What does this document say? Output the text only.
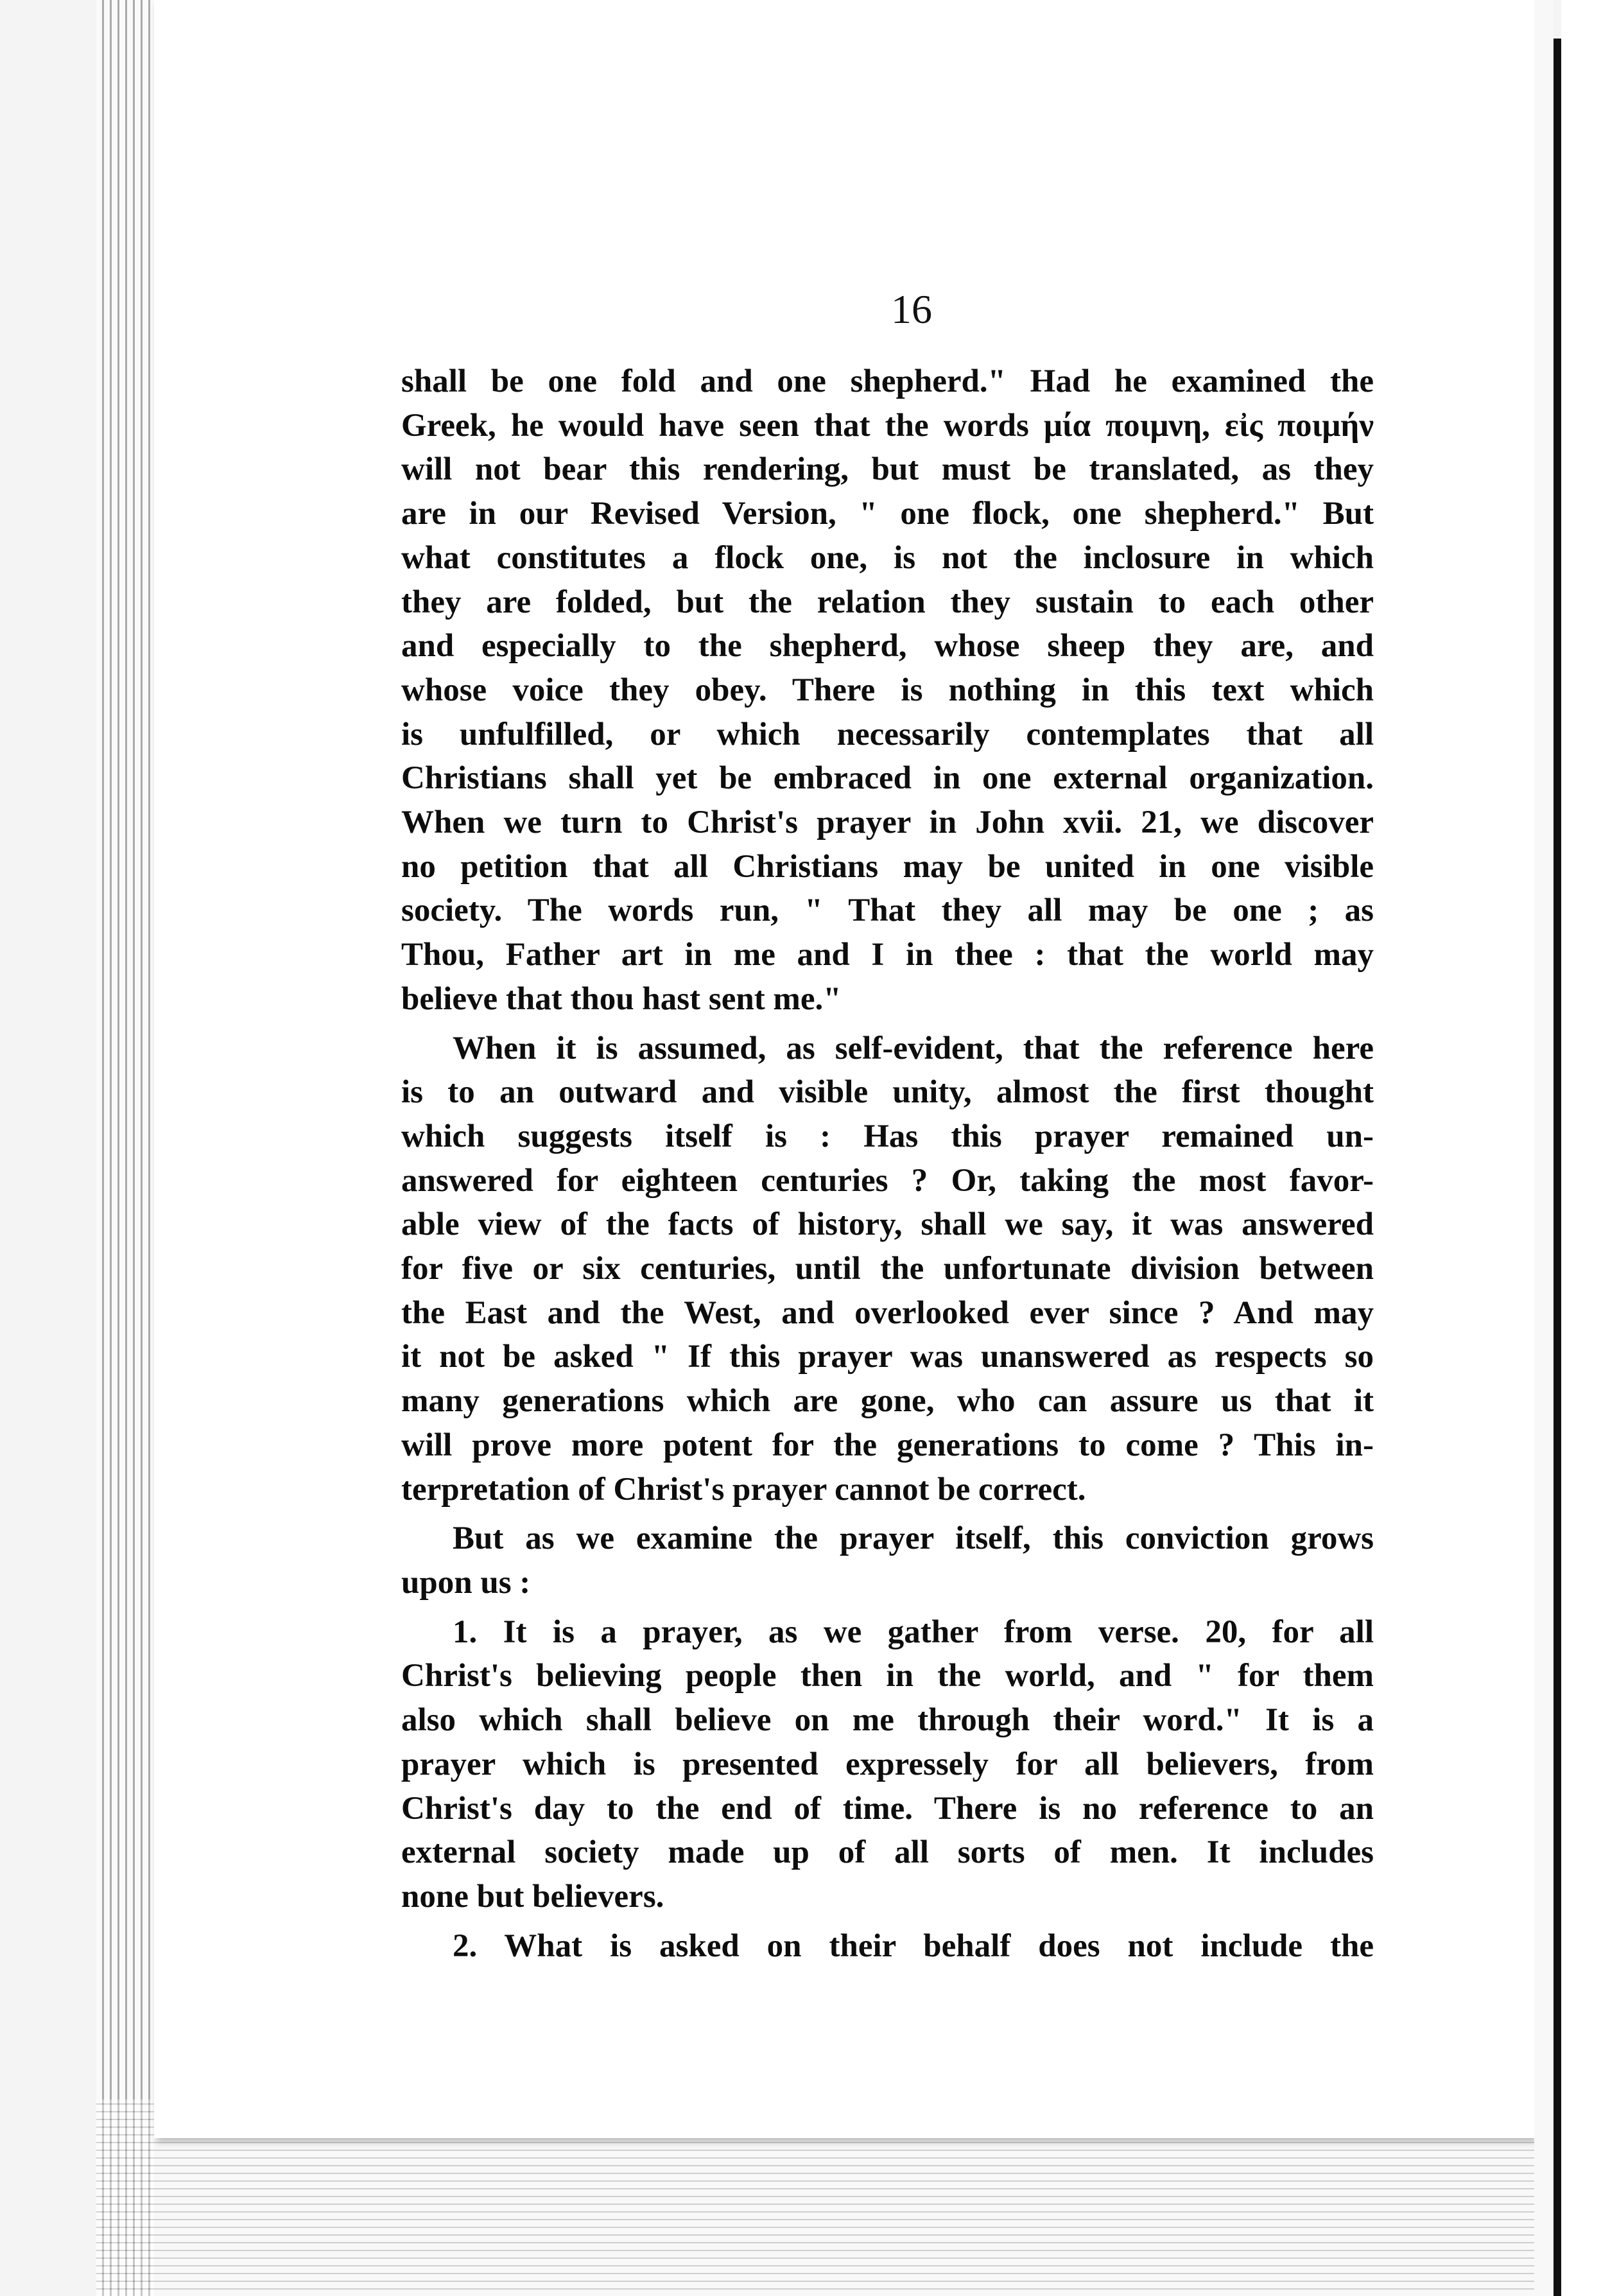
16
shall be one fold and one shepherd." Had he examined the
Greek, he would have seen that the words μία ποιμνη, εἰς ποιμήν
will not bear this rendering, but must be translated, as they
are in our Revised Version, " one flock, one shepherd." But
what constitutes a flock one, is not the inclosure in which
they are folded, but the relation they sustain to each other
and especially to the shepherd, whose sheep they are, and
whose voice they obey. There is nothing in this text which
is unfulfilled, or which necessarily contemplates that all
Christians shall yet be embraced in one external organization.
When we turn to Christ's prayer in John xvii. 21, we discover
no petition that all Christians may be united in one visible
society. The words run, " That they all may be one ; as
Thou, Father art in me and I in thee : that the world may
believe that thou hast sent me."
When it is assumed, as self-evident, that the reference here
is to an outward and visible unity, almost the first thought
which suggests itself is : Has this prayer remained un-
answered for eighteen centuries ? Or, taking the most favor-
able view of the facts of history, shall we say, it was answered
for five or six centuries, until the unfortunate division between
the East and the West, and overlooked ever since ? And may
it not be asked " If this prayer was unanswered as respects so
many generations which are gone, who can assure us that it
will prove more potent for the generations to come ? This in-
terpretation of Christ's prayer cannot be correct.
But as we examine the prayer itself, this conviction grows
upon us :
1. It is a prayer, as we gather from verse. 20, for all
Christ's believing people then in the world, and " for them
also which shall believe on me through their word." It is a
prayer which is presented expressely for all believers, from
Christ's day to the end of time. There is no reference to an
external society made up of all sorts of men. It includes
none but believers.
2. What is asked on their behalf does not include the
